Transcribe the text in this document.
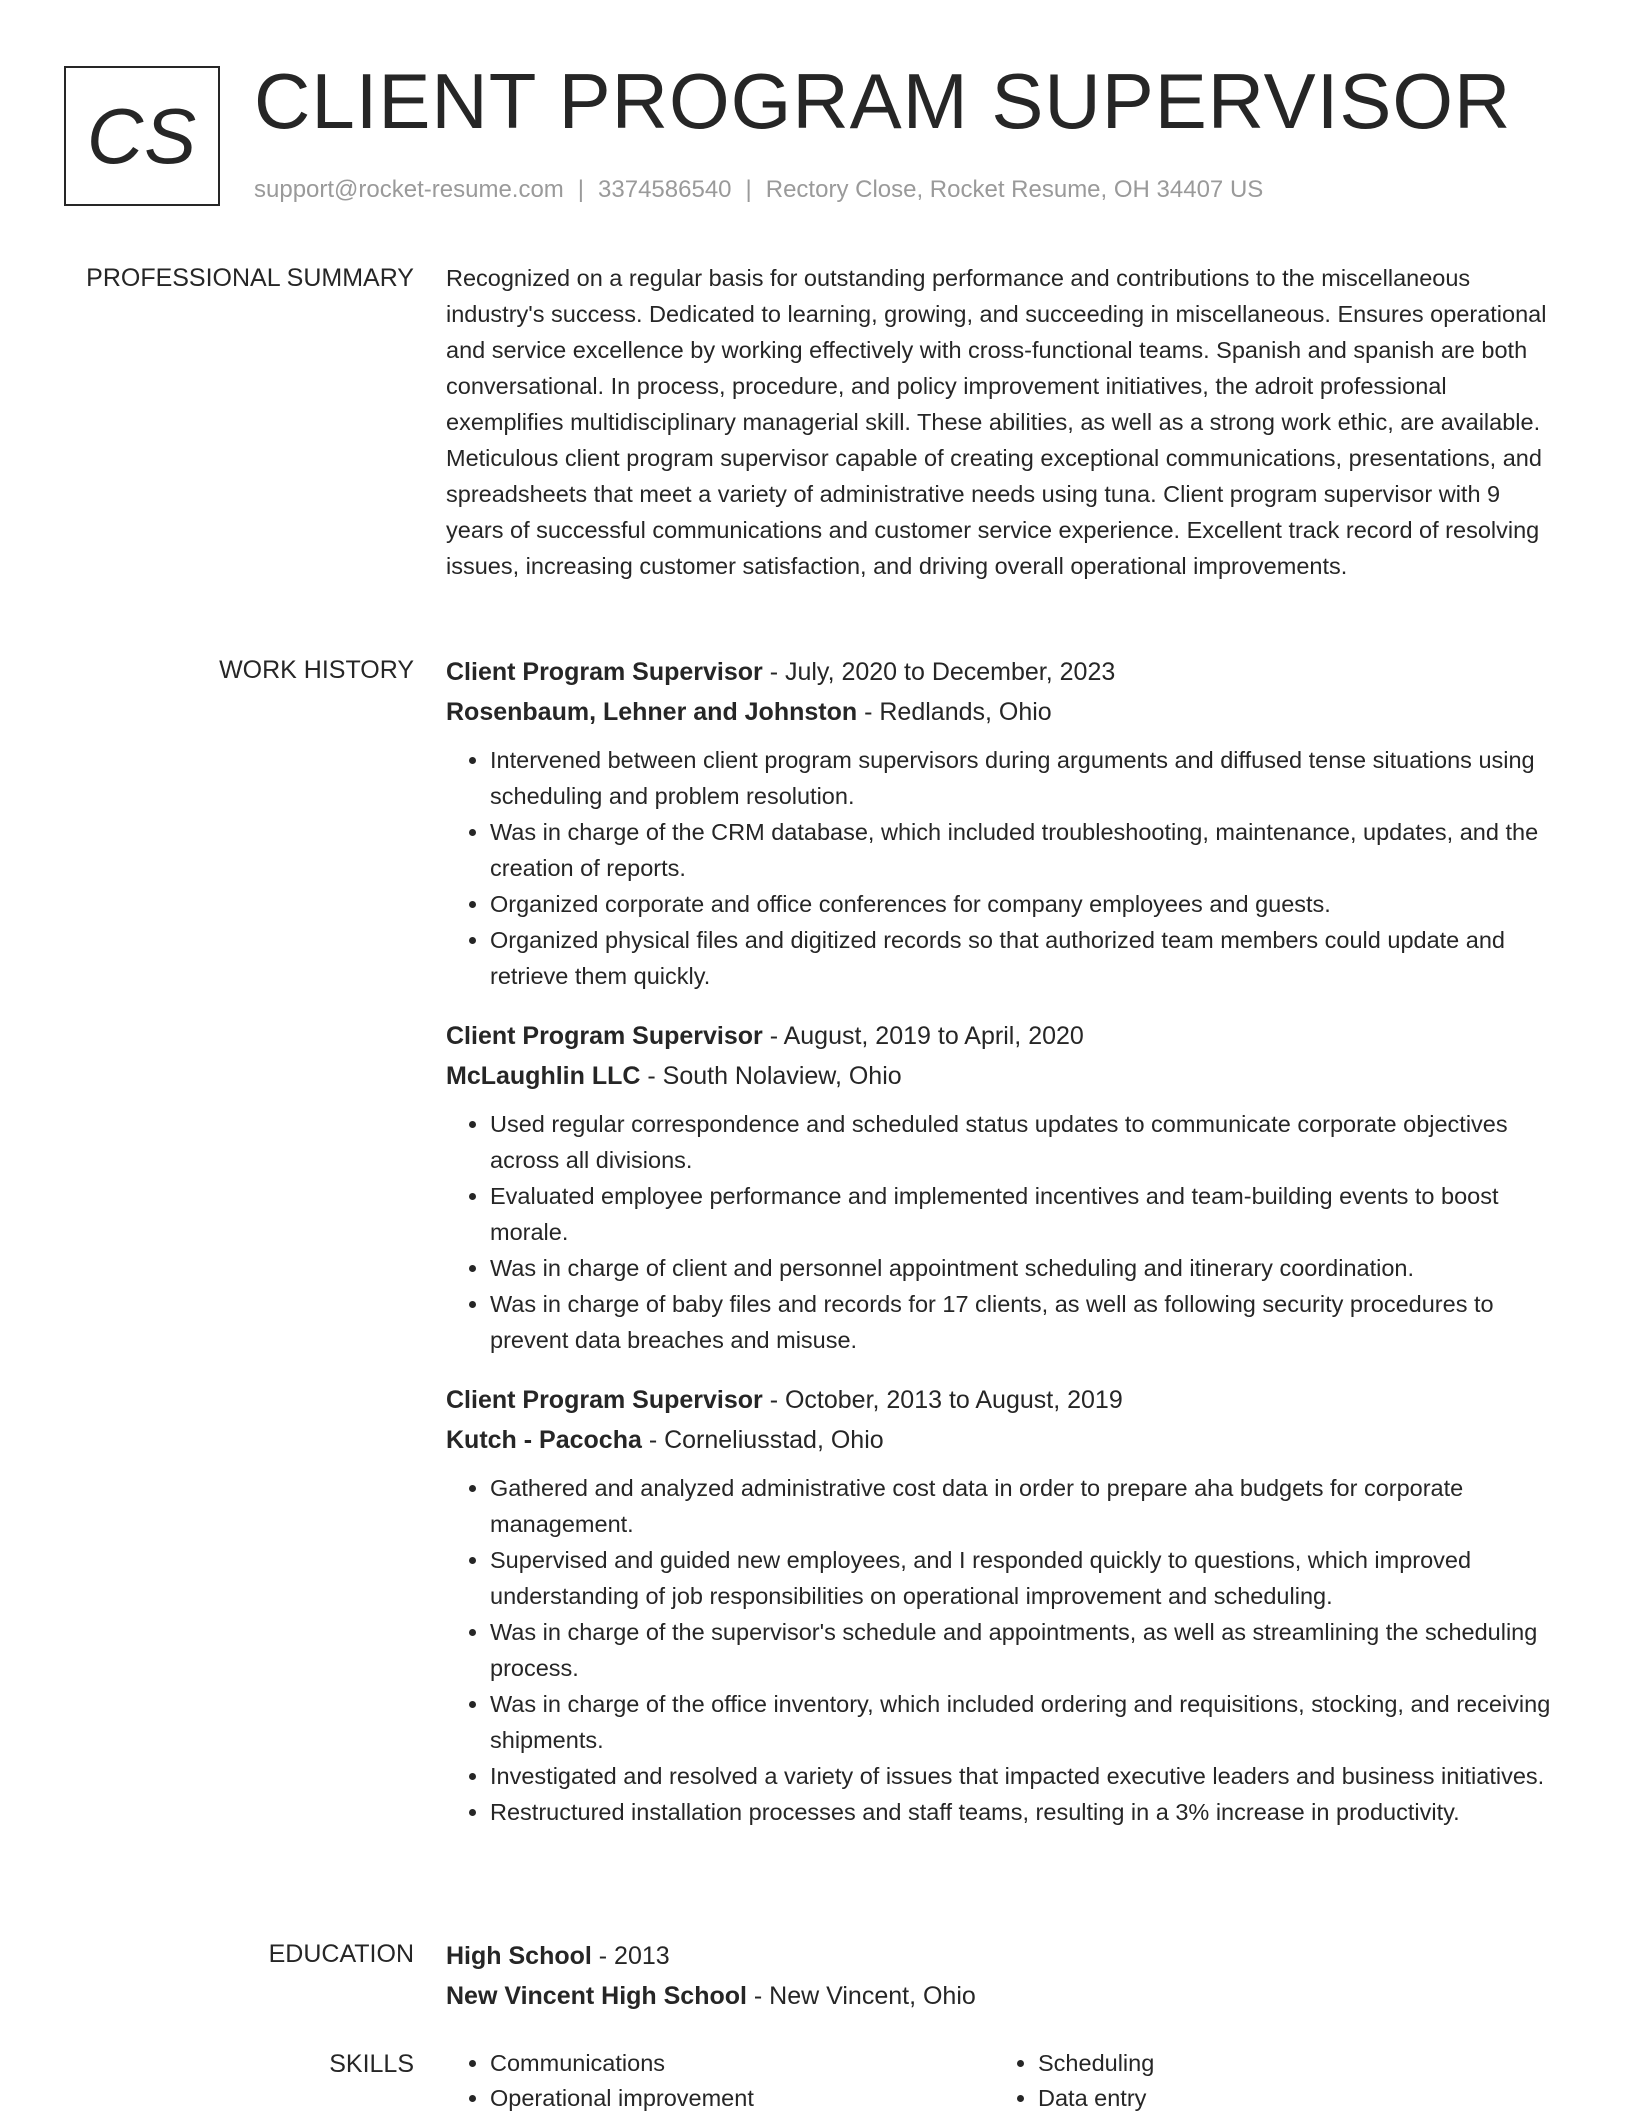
CS CLIENT PROGRAM SUPERVISOR
support@rocket-resume.com | 3374586540 | Rectory Close, Rocket Resume, OH 34407 US
PROFESSIONAL SUMMARY Recognized on a regular basis for outstanding performance and contributions to the miscellaneous industry's success. Dedicated to learning, growing, and succeeding in miscellaneous. Ensures operational and service excellence by working effectively with cross-functional teams. Spanish and spanish are both conversational. In process, procedure, and policy improvement initiatives, the adroit professional exemplifies multidisciplinary managerial skill. These abilities, as well as a strong work ethic, are available. Meticulous client program supervisor capable of creating exceptional communications, presentations, and spreadsheets that meet a variety of administrative needs using tuna. Client program supervisor with 9 years of successful communications and customer service experience. Excellent track record of resolving issues, increasing customer satisfaction, and driving overall operational improvements.

WORK HISTORY Client Program Supervisor - July, 2020 to December, 2023
Rosenbaum, Lehner and Johnston - Redlands, Ohio
• Intervened between client program supervisors during arguments and diffused tense situations using scheduling and problem resolution.
• Was in charge of the CRM database, which included troubleshooting, maintenance, updates, and the creation of reports.
• Organized corporate and office conferences for company employees and guests.
• Organized physical files and digitized records so that authorized team members could update and retrieve them quickly.
Client Program Supervisor - August, 2019 to April, 2020
McLaughlin LLC - South Nolaview, Ohio
• Used regular correspondence and scheduled status updates to communicate corporate objectives across all divisions.
• Evaluated employee performance and implemented incentives and team-building events to boost morale.
• Was in charge of client and personnel appointment scheduling and itinerary coordination.
• Was in charge of baby files and records for 17 clients, as well as following security procedures to prevent data breaches and misuse.
Client Program Supervisor - October, 2013 to August, 2019
Kutch - Pacocha - Corneliusstad, Ohio
• Gathered and analyzed administrative cost data in order to prepare aha budgets for corporate management.
• Supervised and guided new employees, and I responded quickly to questions, which improved understanding of job responsibilities on operational improvement and scheduling.
• Was in charge of the supervisor's schedule and appointments, as well as streamlining the scheduling process.
• Was in charge of the office inventory, which included ordering and requisitions, stocking, and receiving shipments.
• Investigated and resolved a variety of issues that impacted executive leaders and business initiatives.
• Restructured installation processes and staff teams, resulting in a 3% increase in productivity.
EDUCATION High School - 2013
New Vincent High School - New Vincent, Ohio
SKILLS
•	Communications
• Operational improvement
• Scheduling
• Data entry
